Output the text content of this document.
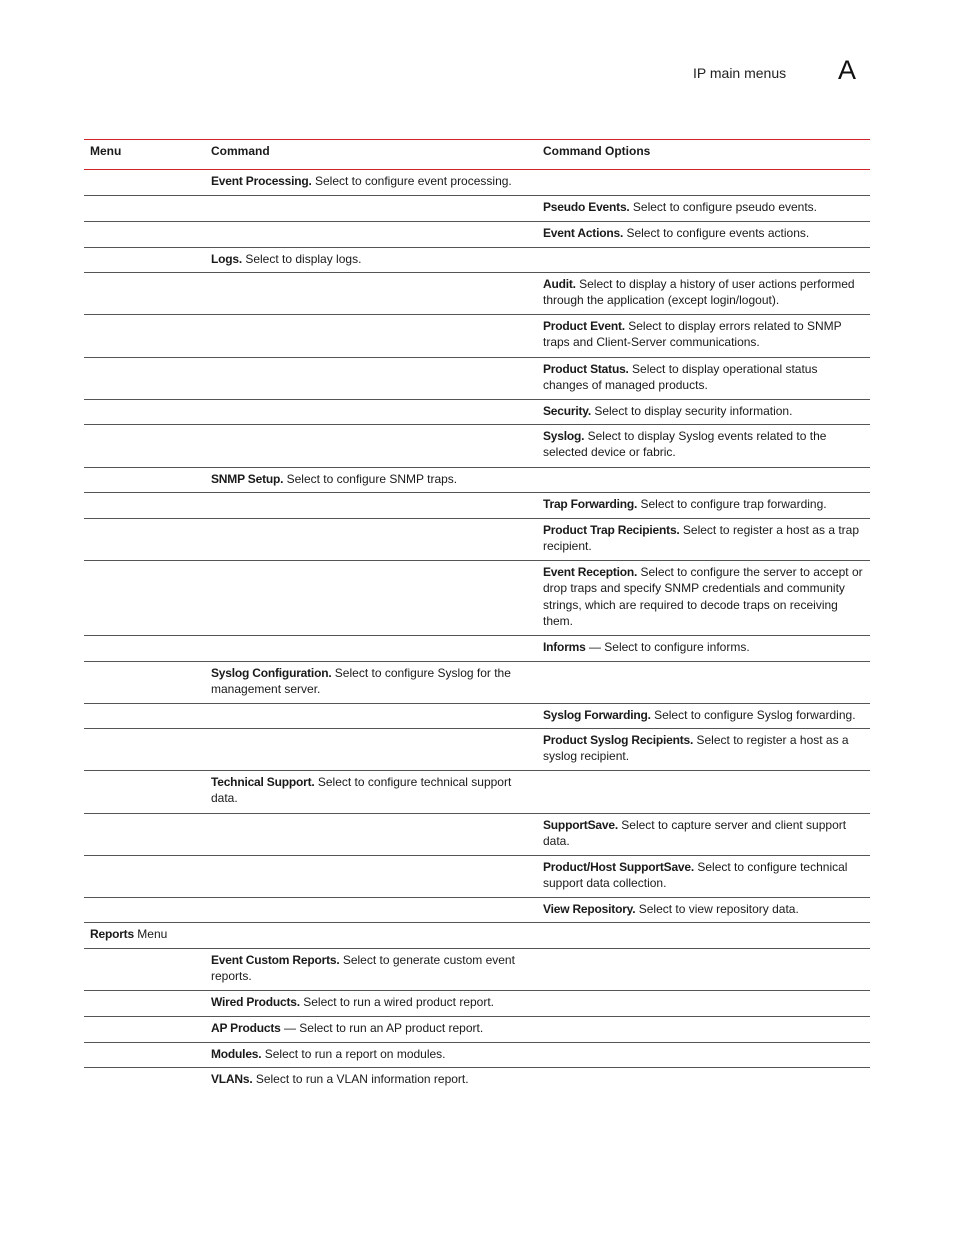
IP main menus A
Menu	Command	Command Options
Event Processing. Select to configure event processing.
Pseudo Events. Select to configure pseudo events.
Event Actions. Select to configure events actions.
Logs. Select to display logs.
Audit. Select to display a history of user actions performed through the application (except login/logout).
Product Event. Select to display errors related to SNMP traps and Client-Server communications.
Product Status. Select to display operational status changes of managed products.
Security. Select to display security information.
Syslog. Select to display Syslog events related to the selected device or fabric.
SNMP Setup. Select to configure SNMP traps.
Trap Forwarding. Select to configure trap forwarding.
Product Trap Recipients. Select to register a host as a trap recipient.
Event Reception. Select to configure the server to accept or drop traps and specify SNMP credentials and community strings, which are required to decode traps on receiving them.
Informs — Select to configure informs.
Syslog Configuration. Select to configure Syslog for the management server.
Syslog Forwarding. Select to configure Syslog forwarding.
Product Syslog Recipients. Select to register a host as a syslog recipient.
Technical Support. Select to configure technical support data.
SupportSave. Select to capture server and client support data.
Product/Host SupportSave. Select to configure technical support data collection.
View Repository. Select to view repository data.
Reports Menu
Event Custom Reports. Select to generate custom event reports.
Wired Products. Select to run a wired product report.
AP Products — Select to run an AP product report.
Modules. Select to run a report on modules.
VLANs. Select to run a VLAN information report.
